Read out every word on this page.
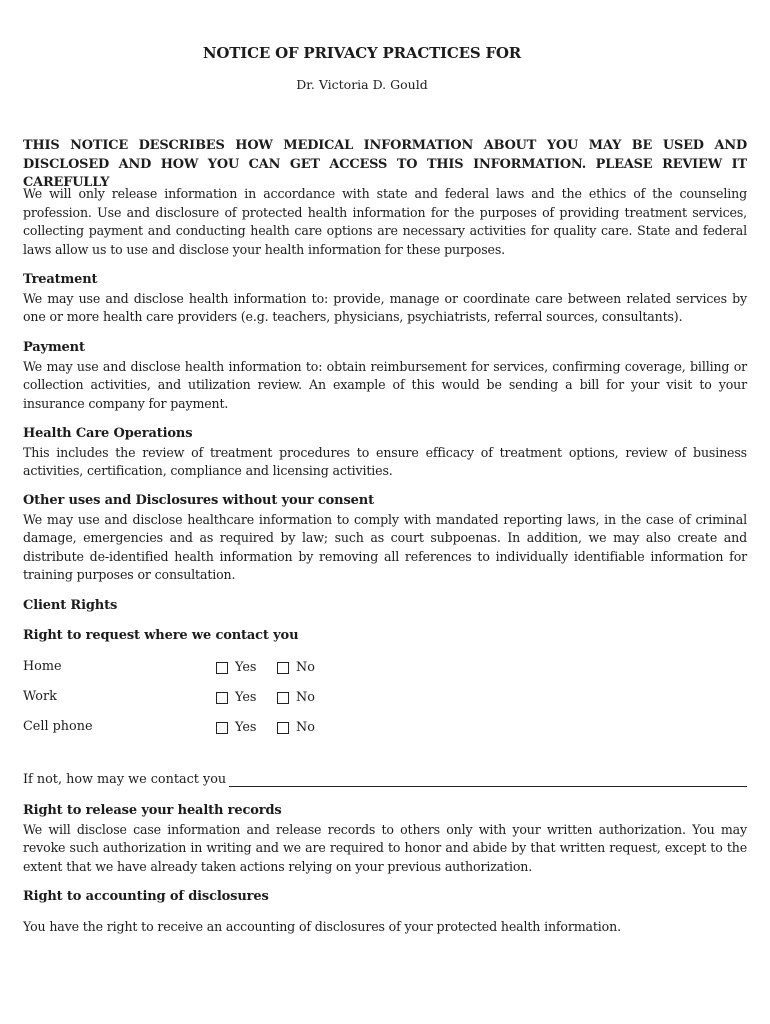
NOTICE OF PRIVACY PRACTICES FOR
Dr. Victoria D. Gould

THIS NOTICE DESCRIBES HOW MEDICAL INFORMATION ABOUT YOU MAY BE USED AND DISCLOSED AND HOW YOU CAN GET ACCESS TO THIS INFORMATION. PLEASE REVIEW IT CAREFULLY

We will only release information in accordance with state and federal laws and the ethics of the counseling profession. Use and disclosure of protected health information for the purposes of providing treatment services, collecting payment and conducting health care options are necessary activities for quality care. State and federal laws allow us to use and disclose your health information for these purposes.

Treatment

We may use and disclose health information to: provide, manage or coordinate care between related services by one or more health care providers (e.g. teachers, physicians, psychiatrists, referral sources, consultants).

Payment

We may use and disclose health information to: obtain reimbursement for services, confirming coverage, billing or collection activities, and utilization review. An example of this would be sending a bill for your visit to your insurance company for payment.

Health Care Operations

This includes the review of treatment procedures to ensure efficacy of treatment options, review of business activities, certification, compliance and licensing activities.

Other uses and Disclosures without your consent

We may use and disclose healthcare information to comply with mandated reporting laws, in the case of criminal damage, emergencies and as required by law; such as court subpoenas. In addition, we may also create and distribute de-identified health information by removing all references to individually identifiable information for training purposes or consultation.

Client Rights

Right to request where we contact you

Home	Yes	No
Work	Yes	No
Cell phone	Yes	No
If not, how may we contact you

Right to release your health records

We will disclose case information and release records to others only with your written authorization. You may revoke such authorization in writing and we are required to honor and abide by that written request, except to the extent that we have already taken actions relying on your previous authorization.

Right to accounting of disclosures

You have the right to receive an accounting of disclosures of your protected health information.
